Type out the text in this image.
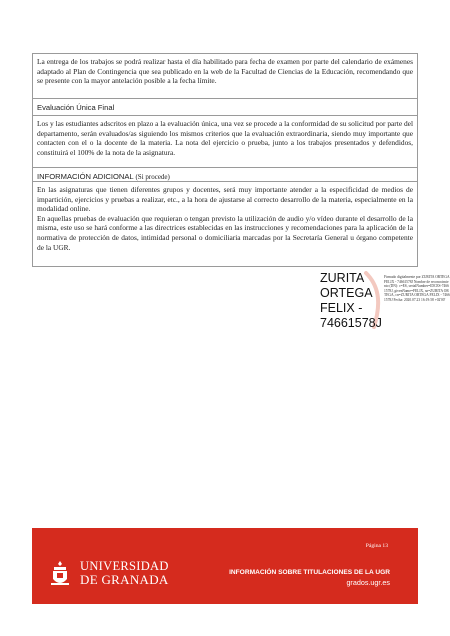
La entrega de los trabajos se podrá realizar hasta el día habilitado para fecha de examen por parte del calendario de exámenes adaptado al Plan de Contingencia que sea publicado en la web de la Facultad de Ciencias de la Educación, recomendando que se presente con la mayor antelación posible a la fecha límite.

Evaluación Única Final

Los y las estudiantes adscritos en plazo a la evaluación única, una vez se procede a la conformidad de su solicitud por parte del departamento, serán evaluados/as siguiendo los mismos criterios que la evaluación extraordinaria, siendo muy importante que contacten con el o la docente de la materia. La nota del ejercicio o prueba, junto a los trabajos presentados y defendidos, constituirá el 100% de la nota de la asignatura.

INFORMACIÓN ADICIONAL (Si procede)

En las asignaturas que tienen diferentes grupos y docentes, será muy importante atender a la especificidad de medios de impartición, ejercicios y pruebas a realizar, etc., a la hora de ajustarse al correcto desarrollo de la materia, especialmente en la modalidad online.

En aquellas pruebas de evaluación que requieran o tengan previsto la utilización de audio y/o vídeo durante el desarrollo de la misma, este uso se hará conforme a las directrices establecidas en las instrucciones y recomendaciones para la aplicación de la normativa de protección de datos, intimidad personal o domiciliaria marcadas por la Secretaría General u órgano competente de la UGR.

ZURITA
ORTEGA
FELIX -
74661578J
Firmado digitalmente por ZURITA ORTEGA FELIX - 74661578J Nombre de reconocimiento (DN): c=ES, serialNumber=IDCES-74661578J, givenName=FELIX, sn=ZURITA ORTEGA, cn=ZURITA ORTEGA FELIX - 74661578J Fecha: 2020.07.23 16:19:58 +02'00'
Página 13
UNIVERSIDAD
DE GRANADA	INFORMACIÓN SOBRE TITULACIONES DE LA UGR
grados.ugr.es
